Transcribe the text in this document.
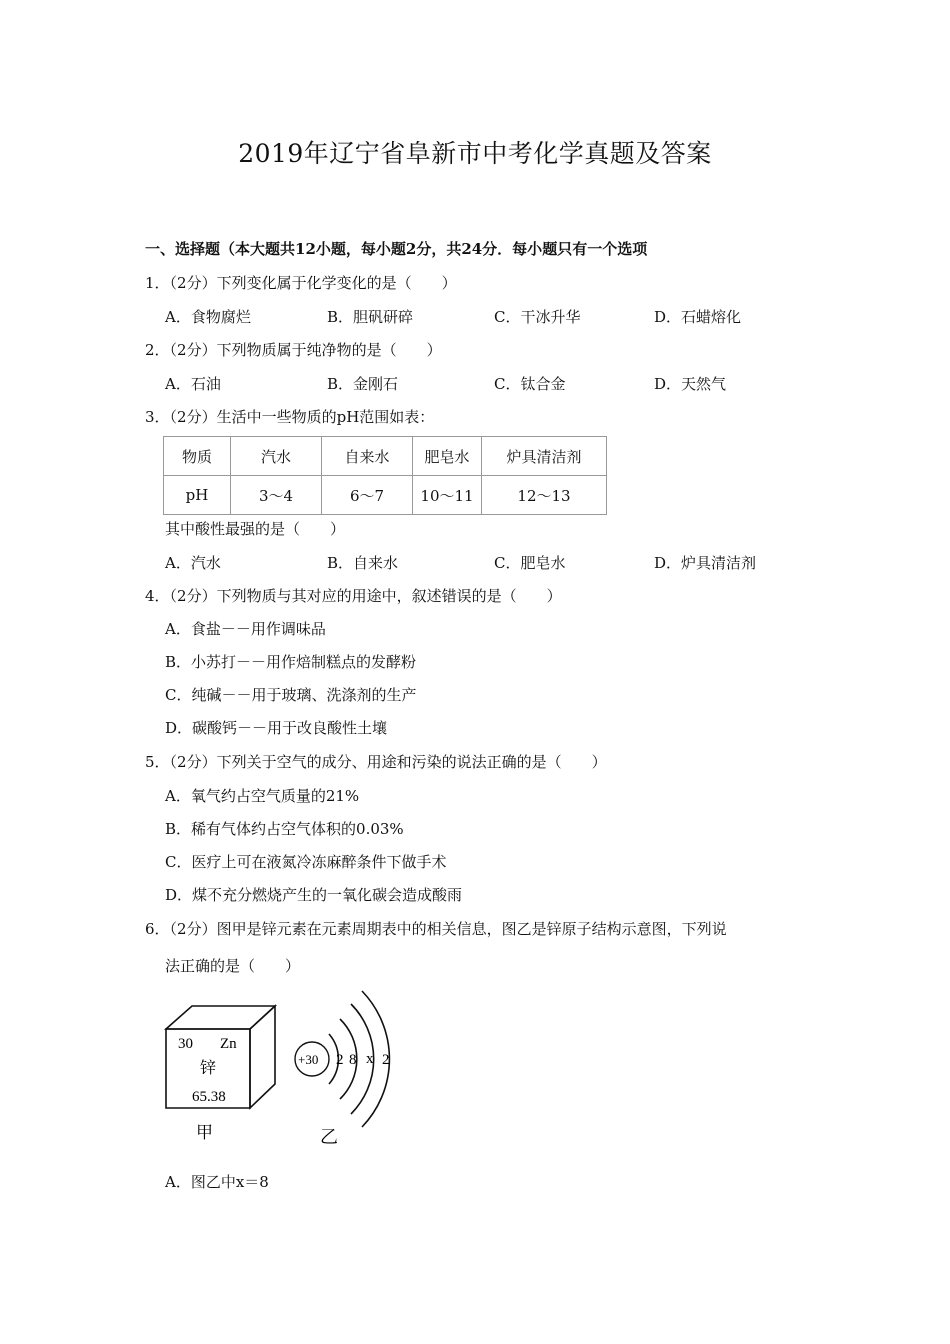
2019年辽宁省阜新市中考化学真题及答案
一、选择题（本大题共12小题，每小题2分，共24分．每小题只有一个选项
1．（2分）下列变化属于化学变化的是（　　）
A．食物腐烂	B．胆矾研碎	C．干冰升华	D．石蜡熔化
2．（2分）下列物质属于纯净物的是（　　）
A．石油	B．金刚石	C．钛合金	D．天然气
3．（2分）生活中一些物质的pH范围如表：
物质	汽水	自来水	肥皂水	炉具清洁剂
pH	3～4	6～7	10～11	12～13
其中酸性最强的是（　　）
A．汽水	B．自来水	C．肥皂水	D．炉具清洁剂
4．（2分）下列物质与其对应的用途中，叙述错误的是（　　）
A．食盐－－用作调味品
B．小苏打－－用作焙制糕点的发酵粉
C．纯碱－－用于玻璃、洗涤剂的生产
D．碳酸钙－－用于改良酸性土壤
5．（2分）下列关于空气的成分、用途和污染的说法正确的是（　　）
A．氧气约占空气质量的21%
B．稀有气体约占空气体积的0.03%
C．医疗上可在液氮冷冻麻醉条件下做手术
D．煤不充分燃烧产生的一氧化碳会造成酸雨
6．（2分）图甲是锌元素在元素周期表中的相关信息，图乙是锌原子结构示意图，下列说
法正确的是（　　）
30 Zn
锌
65.38
甲
+30 2 8 x 2
乙
A．图乙中x＝8
